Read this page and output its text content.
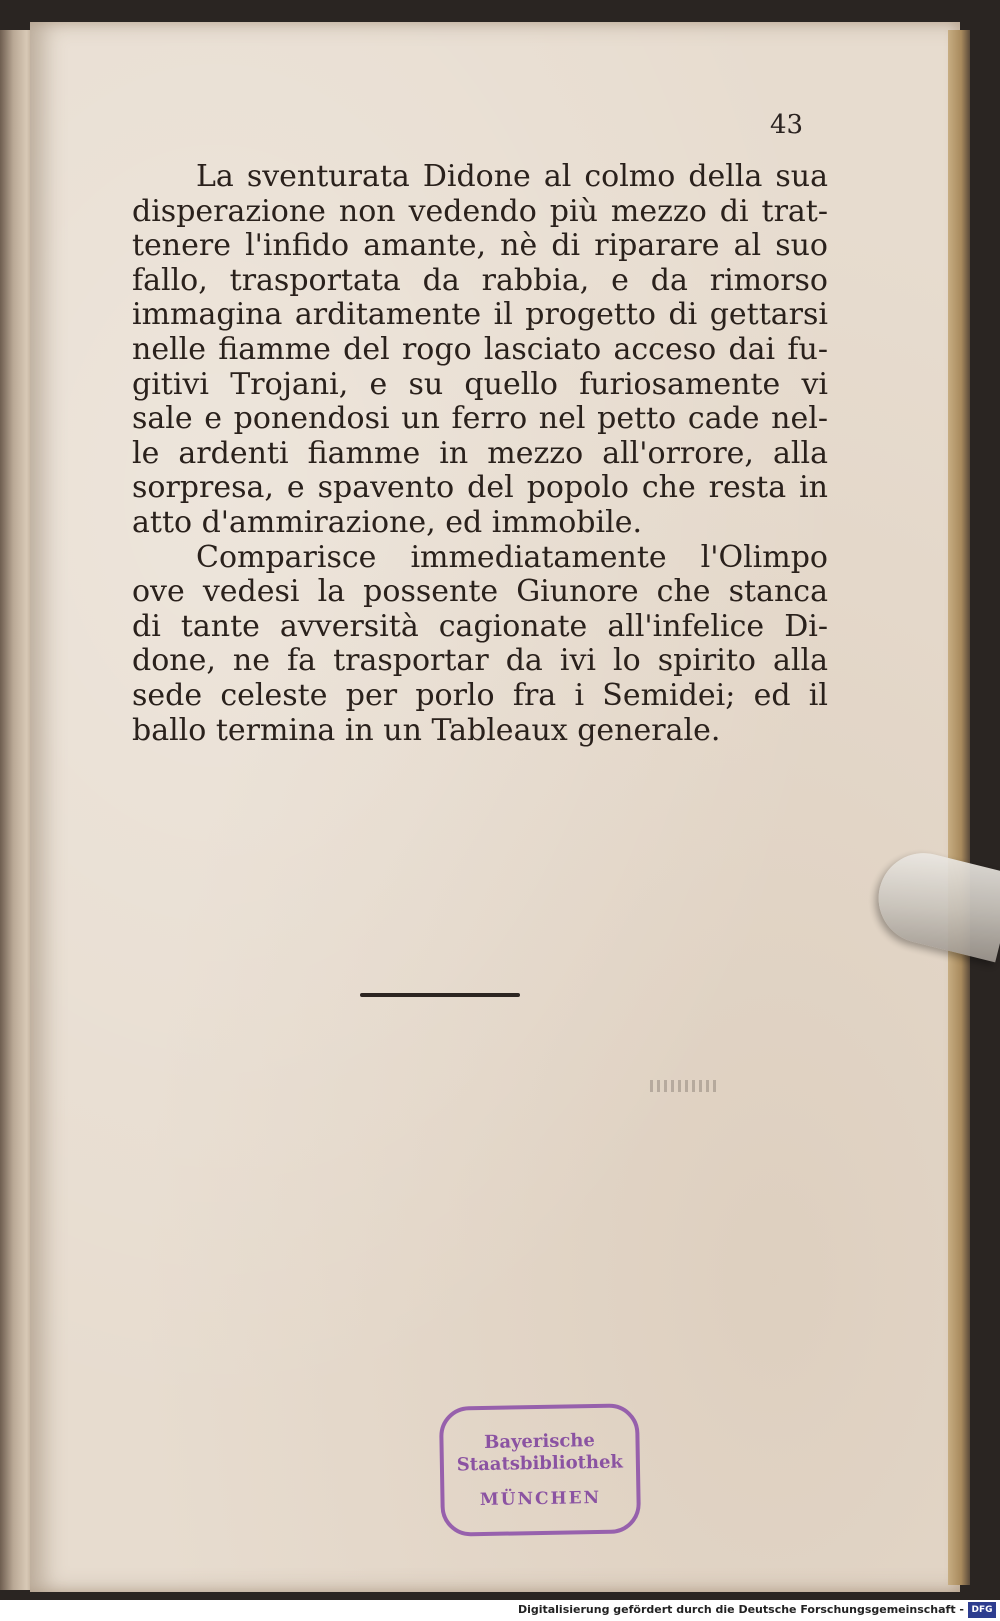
43
La sventurata Didone al colmo della sua
disperazione non vedendo più mezzo di trat-
tenere l'infido amante, nè di riparare al suo
fallo, trasportata da rabbia, e da rimorso
immagina arditamente il progetto di gettarsi
nelle fiamme del rogo lasciato acceso dai fu-
gitivi Trojani, e su quello furiosamente vi
sale e ponendosi un ferro nel petto cade nel-
le ardenti fiamme in mezzo all'orrore, alla
sorpresa, e spavento del popolo che resta in
atto d'ammirazione, ed immobile.
Comparisce immediatamente l'Olimpo
ove vedesi la possente Giunore che stanca
di tante avversità cagionate all'infelice Di-
done, ne fa trasportar da ivi lo spirito alla
sede celeste per porlo fra i Semidei; ed il
ballo termina in un Tableaux generale.
Bayerische
Staatsbibliothek
MÜNCHEN
Digitalisierung gefördert durch die Deutsche Forschungsgemeinschaft - DFG
